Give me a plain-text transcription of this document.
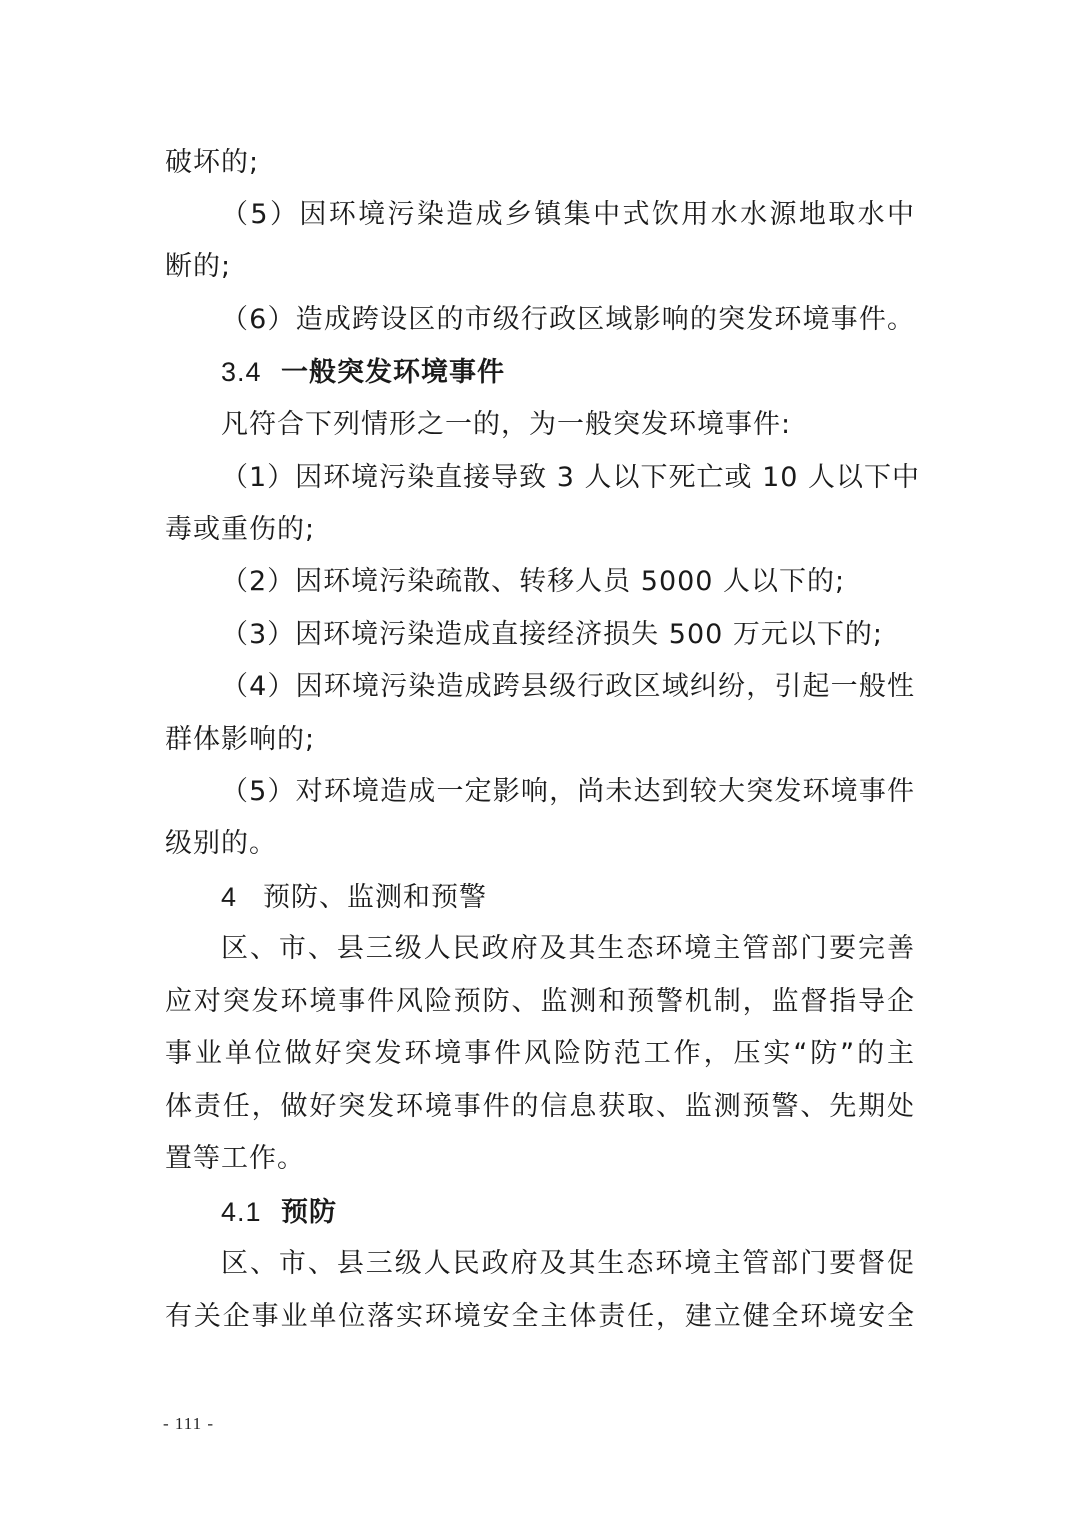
破坏的;
（5）因环境污染造成乡镇集中式饮用水水源地取水中
断的;
（6）造成跨设区的市级行政区域影响的突发环境事件。
3.4 一般突发环境事件
凡符合下列情形之一的，为一般突发环境事件:
（1）因环境污染直接导致 3 人以下死亡或 10 人以下中
毒或重伤的;
（2）因环境污染疏散、转移人员 5000 人以下的;
（3）因环境污染造成直接经济损失 500 万元以下的;
（4）因环境污染造成跨县级行政区域纠纷，引起一般性
群体影响的;
（5）对环境造成一定影响，尚未达到较大突发环境事件
级别的。
4 预防、监测和预警
区、市、县三级人民政府及其生态环境主管部门要完善
应对突发环境事件风险预防、监测和预警机制，监督指导企
事业单位做好突发环境事件风险防范工作，压实“防”的主
体责任，做好突发环境事件的信息获取、监测预警、先期处
置等工作。
4.1 预防
区、市、县三级人民政府及其生态环境主管部门要督促
有关企事业单位落实环境安全主体责任，建立健全环境安全
- 111 -
